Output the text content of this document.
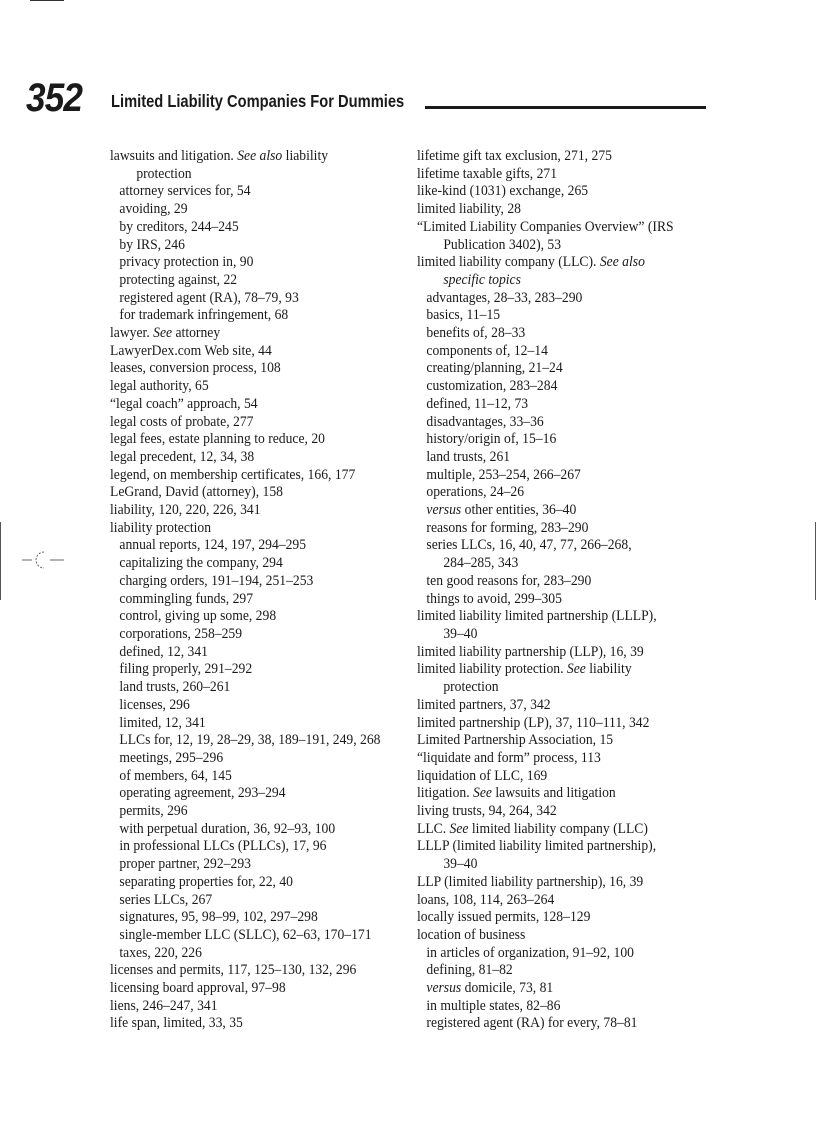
352 Limited Liability Companies For Dummies
lawsuits and litigation. See also liability
protection
attorney services for, 54
avoiding, 29
by creditors, 244–245
by IRS, 246
privacy protection in, 90
protecting against, 22
registered agent (RA), 78–79, 93
for trademark infringement, 68
lawyer. See attorney
LawyerDex.com Web site, 44
leases, conversion process, 108
legal authority, 65
“legal coach” approach, 54
legal costs of probate, 277
legal fees, estate planning to reduce, 20
legal precedent, 12, 34, 38
legend, on membership certificates, 166, 177
LeGrand, David (attorney), 158
liability, 120, 220, 226, 341
liability protection
annual reports, 124, 197, 294–295
capitalizing the company, 294
charging orders, 191–194, 251–253
commingling funds, 297
control, giving up some, 298
corporations, 258–259
defined, 12, 341
filing properly, 291–292
land trusts, 260–261
licenses, 296
limited, 12, 341
LLCs for, 12, 19, 28–29, 38, 189–191, 249, 268
meetings, 295–296
of members, 64, 145
operating agreement, 293–294
permits, 296
with perpetual duration, 36, 92–93, 100
in professional LLCs (PLLCs), 17, 96
proper partner, 292–293
separating properties for, 22, 40
series LLCs, 267
signatures, 95, 98–99, 102, 297–298
single-member LLC (SLLC), 62–63, 170–171
taxes, 220, 226
licenses and permits, 117, 125–130, 132, 296
licensing board approval, 97–98
liens, 246–247, 341
life span, limited, 33, 35
lifetime gift tax exclusion, 271, 275
lifetime taxable gifts, 271
like-kind (1031) exchange, 265
limited liability, 28
“Limited Liability Companies Overview” (IRS
Publication 3402), 53
limited liability company (LLC). See also
specific topics
advantages, 28–33, 283–290
basics, 11–15
benefits of, 28–33
components of, 12–14
creating/planning, 21–24
customization, 283–284
defined, 11–12, 73
disadvantages, 33–36
history/origin of, 15–16
land trusts, 261
multiple, 253–254, 266–267
operations, 24–26
versus other entities, 36–40
reasons for forming, 283–290
series LLCs, 16, 40, 47, 77, 266–268,
284–285, 343
ten good reasons for, 283–290
things to avoid, 299–305
limited liability limited partnership (LLLP),
39–40
limited liability partnership (LLP), 16, 39
limited liability protection. See liability
protection
limited partners, 37, 342
limited partnership (LP), 37, 110–111, 342
Limited Partnership Association, 15
“liquidate and form” process, 113
liquidation of LLC, 169
litigation. See lawsuits and litigation
living trusts, 94, 264, 342
LLC. See limited liability company (LLC)
LLLP (limited liability limited partnership),
39–40
LLP (limited liability partnership), 16, 39
loans, 108, 114, 263–264
locally issued permits, 128–129
location of business
in articles of organization, 91–92, 100
defining, 81–82
versus domicile, 73, 81
in multiple states, 82–86
registered agent (RA) for every, 78–81
